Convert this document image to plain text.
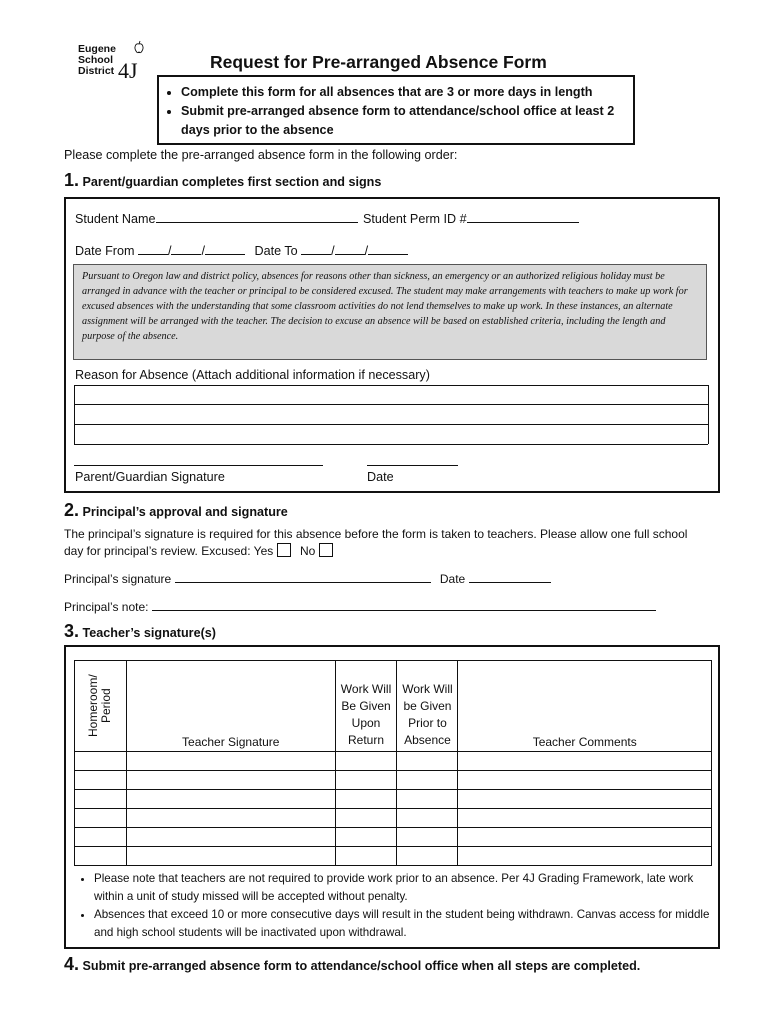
Eugene
School
District 4J	Request for Pre-arranged Absence Form
• Complete this form for all absences that are 3 or more days in length
• Submit pre-arranged absence form to attendance/school office at least 2 days prior to the absence
Please complete the pre-arranged absence form in the following order:
1. Parent/guardian completes first section and signs
Student Name	Student Perm ID #
Date From	/ /	Date To	/ /
Pursuant to Oregon law and district policy, absences for reasons other than sickness, an emergency or an authorized religious holiday must be arranged in advance with the teacher or principal to be considered excused. The student may make arrangements with teachers to make up work for excused absences with the understanding that some classroom activities do not lend themselves to make up work. In these instances, an alternate assignment will be arranged with the teacher. The decision to excuse an absence will be based on established criteria, including the length and purpose of the absence.
Reason for Absence (Attach additional information if necessary)
Parent/Guardian Signature	Date
2. Principal’s approval and signature
The principal’s signature is required for this absence before the form is taken to teachers. Please allow one full school day for principal’s review. Excused: Yes No
Principal’s signature	Date
Principal’s note:
3. Teacher’s signature(s)
Homeroom/ Period	Teacher Signature	Work Will Be Given Upon Return	Work Will be Given Prior to Absence	Teacher Comments

• Please note that teachers are not required to provide work prior to an absence. Per 4J Grading Framework, late work within a unit of study missed will be accepted without penalty.
• Absences that exceed 10 or more consecutive days will result in the student being withdrawn. Canvas access for middle and high school students will be inactivated upon withdrawal.
4. Submit pre-arranged absence form to attendance/school office when all steps are completed.
